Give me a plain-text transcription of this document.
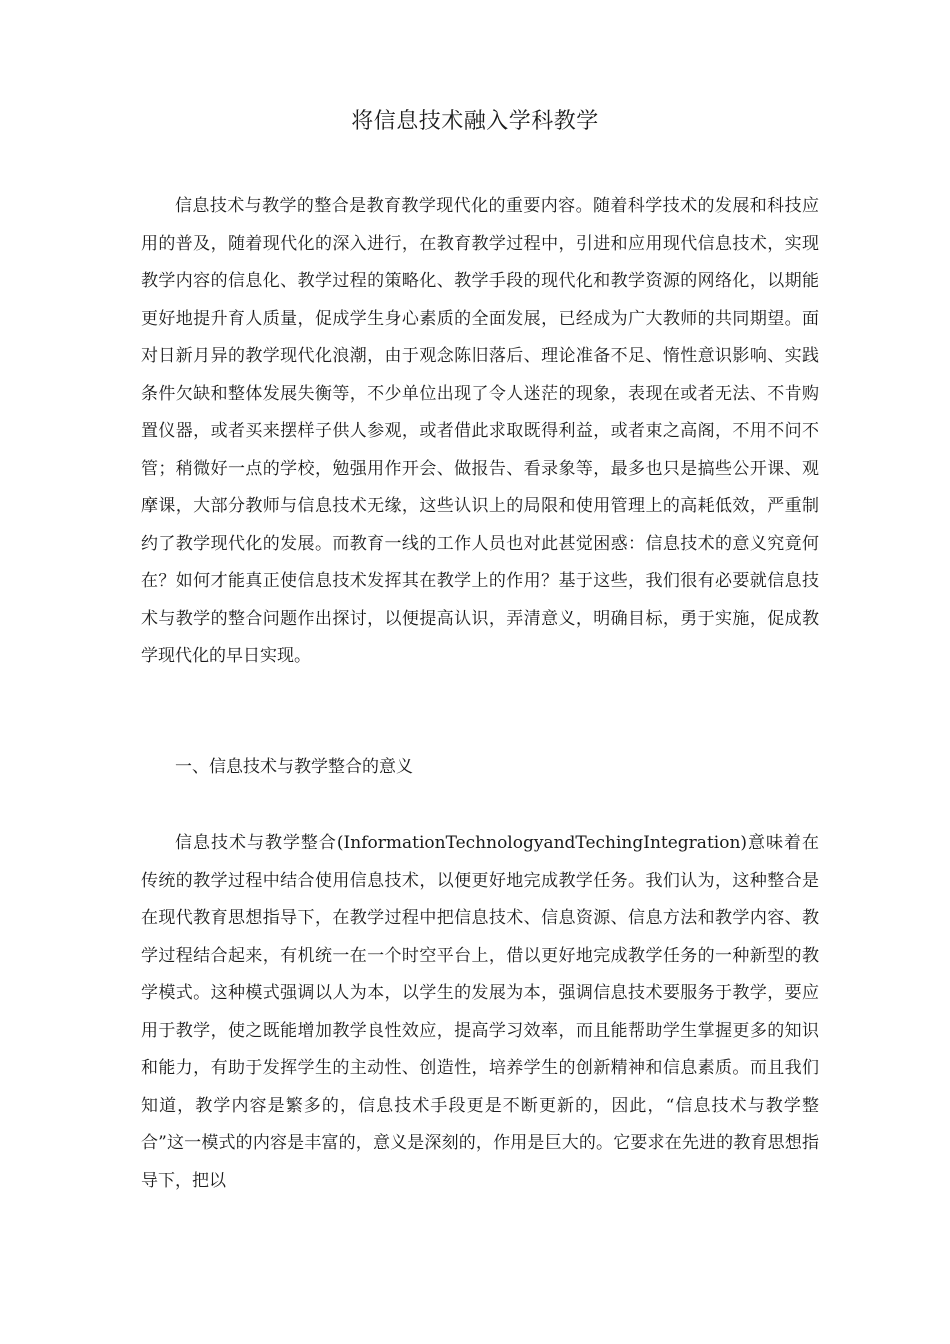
将信息技术融入学科教学

信息技术与教学的整合是教育教学现代化的重要内容。随着科学技术的发展和科技应用的普及，随着现代化的深入进行，在教育教学过程中，引进和应用现代信息技术，实现教学内容的信息化、教学过程的策略化、教学手段的现代化和教学资源的网络化，以期能更好地提升育人质量，促成学生身心素质的全面发展，已经成为广大教师的共同期望。面对日新月异的教学现代化浪潮，由于观念陈旧落后、理论准备不足、惰性意识影响、实践条件欠缺和整体发展失衡等，不少单位出现了令人迷茫的现象，表现在或者无法、不肯购置仪器，或者买来摆样子供人参观，或者借此求取既得利益，或者束之高阁，不用不问不管；稍微好一点的学校，勉强用作开会、做报告、看录象等，最多也只是搞些公开课、观摩课，大部分教师与信息技术无缘，这些认识上的局限和使用管理上的高耗低效，严重制约了教学现代化的发展。而教育一线的工作人员也对此甚觉困惑：信息技术的意义究竟何在？如何才能真正使信息技术发挥其在教学上的作用？基于这些，我们很有必要就信息技术与教学的整合问题作出探讨，以便提高认识，弄清意义，明确目标，勇于实施，促成教学现代化的早日实现。

一、信息技术与教学整合的意义

信息技术与教学整合(InformationTechnologyandTechingIntegration)意味着在传统的教学过程中结合使用信息技术，以便更好地完成教学任务。我们认为，这种整合是在现代教育思想指导下，在教学过程中把信息技术、信息资源、信息方法和教学内容、教学过程结合起来，有机统一在一个时空平台上，借以更好地完成教学任务的一种新型的教学模式。这种模式强调以人为本，以学生的发展为本，强调信息技术要服务于教学，要应用于教学，使之既能增加教学良性效应，提高学习效率，而且能帮助学生掌握更多的知识和能力，有助于发挥学生的主动性、创造性，培养学生的创新精神和信息素质。而且我们知道，教学内容是繁多的，信息技术手段更是不断更新的，因此，“信息技术与教学整合”这一模式的内容是丰富的，意义是深刻的，作用是巨大的。它要求在先进的教育思想指导下，把以
